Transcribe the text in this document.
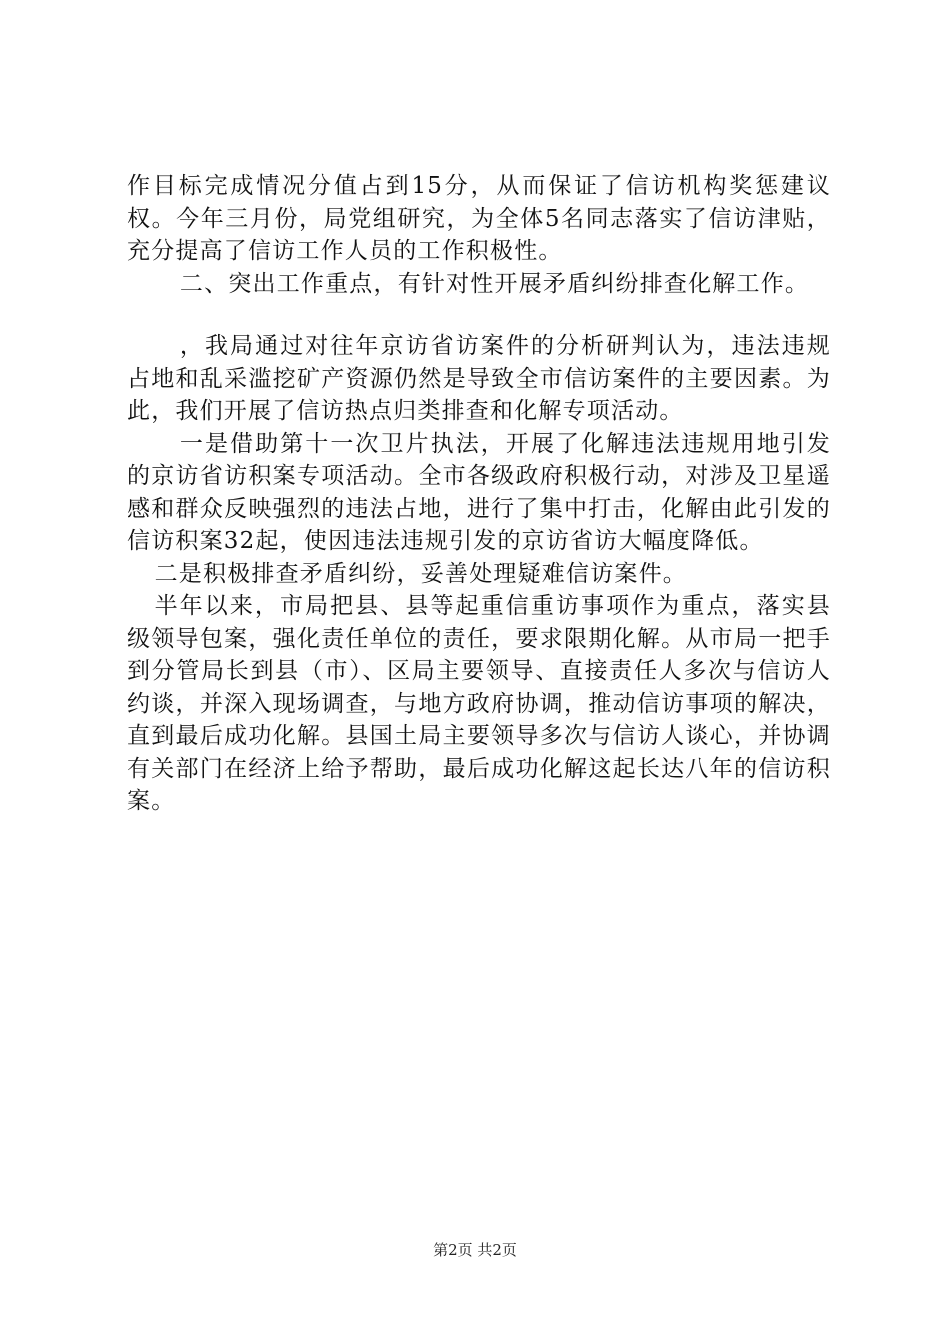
作目标完成情况分值占到15分，从而保证了信访机构奖惩建议权。今年三月份，局党组研究，为全体5名同志落实了信访津贴，充分提高了信访工作人员的工作积极性。

二、突出工作重点，有针对性开展矛盾纠纷排查化解工作。

，我局通过对往年京访省访案件的分析研判认为，违法违规占地和乱采滥挖矿产资源仍然是导致全市信访案件的主要因素。为此，我们开展了信访热点归类排查和化解专项活动。

一是借助第十一次卫片执法，开展了化解违法违规用地引发的京访省访积案专项活动。全市各级政府积极行动，对涉及卫星遥感和群众反映强烈的违法占地，进行了集中打击，化解由此引发的信访积案32起，使因违法违规引发的京访省访大幅度降低。

二是积极排查矛盾纠纷，妥善处理疑难信访案件。

半年以来，市局把县、县等起重信重访事项作为重点，落实县级领导包案，强化责任单位的责任，要求限期化解。从市局一把手到分管局长到县（市）、区局主要领导、直接责任人多次与信访人约谈，并深入现场调查，与地方政府协调，推动信访事项的解决，直到最后成功化解。县国土局主要领导多次与信访人谈心，并协调有关部门在经济上给予帮助，最后成功化解这起长达八年的信访积案。

第2页 共2页
